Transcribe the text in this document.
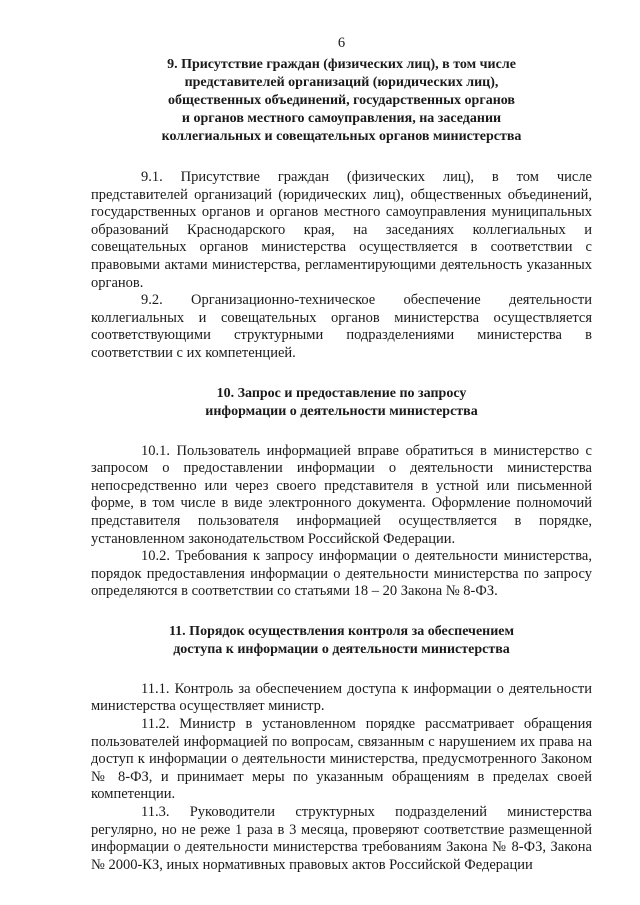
6
9. Присутствие граждан (физических лиц), в том числе
представителей организаций (юридических лиц),
общественных объединений, государственных органов
и органов местного самоуправления, на заседании
коллегиальных и совещательных органов министерства

9.1. Присутствие граждан (физических лиц), в том числе представителей организаций (юридических лиц), общественных объединений, государственных органов и органов местного самоуправления муниципальных образований Краснодарского края, на заседаниях коллегиальных и совещательных органов министерства осуществляется в соответствии с правовыми актами министерства, регламентирующими деятельность указанных органов.

9.2. Организационно-техническое обеспечение деятельности коллегиальных и совещательных органов министерства осуществляется соответствующими структурными подразделениями министерства в соответствии с их компетенцией.

10. Запрос и предоставление по запросу
информации о деятельности министерства

10.1. Пользователь информацией вправе обратиться в министерство с запросом о предоставлении информации о деятельности министерства непосредственно или через своего представителя в устной или письменной форме, в том числе в виде электронного документа. Оформление полномочий представителя пользователя информацией осуществляется в порядке, установленном законодательством Российской Федерации.

10.2. Требования к запросу информации о деятельности министерства, порядок предоставления информации о деятельности министерства по запросу определяются в соответствии со статьями 18 – 20 Закона № 8-ФЗ.

11. Порядок осуществления контроля за обеспечением
доступа к информации о деятельности министерства

11.1. Контроль за обеспечением доступа к информации о деятельности министерства осуществляет министр.

11.2. Министр в установленном порядке рассматривает обращения пользователей информацией по вопросам, связанным с нарушением их права на доступ к информации о деятельности министерства, предусмотренного Законом № 8-ФЗ, и принимает меры по указанным обращениям в пределах своей компетенции.

11.3. Руководители структурных подразделений министерства регулярно, но не реже 1 раза в 3 месяца, проверяют соответствие размещенной информации о деятельности министерства требованиям Закона № 8-ФЗ, Закона № 2000-КЗ, иных нормативных правовых актов Российской Федерации
